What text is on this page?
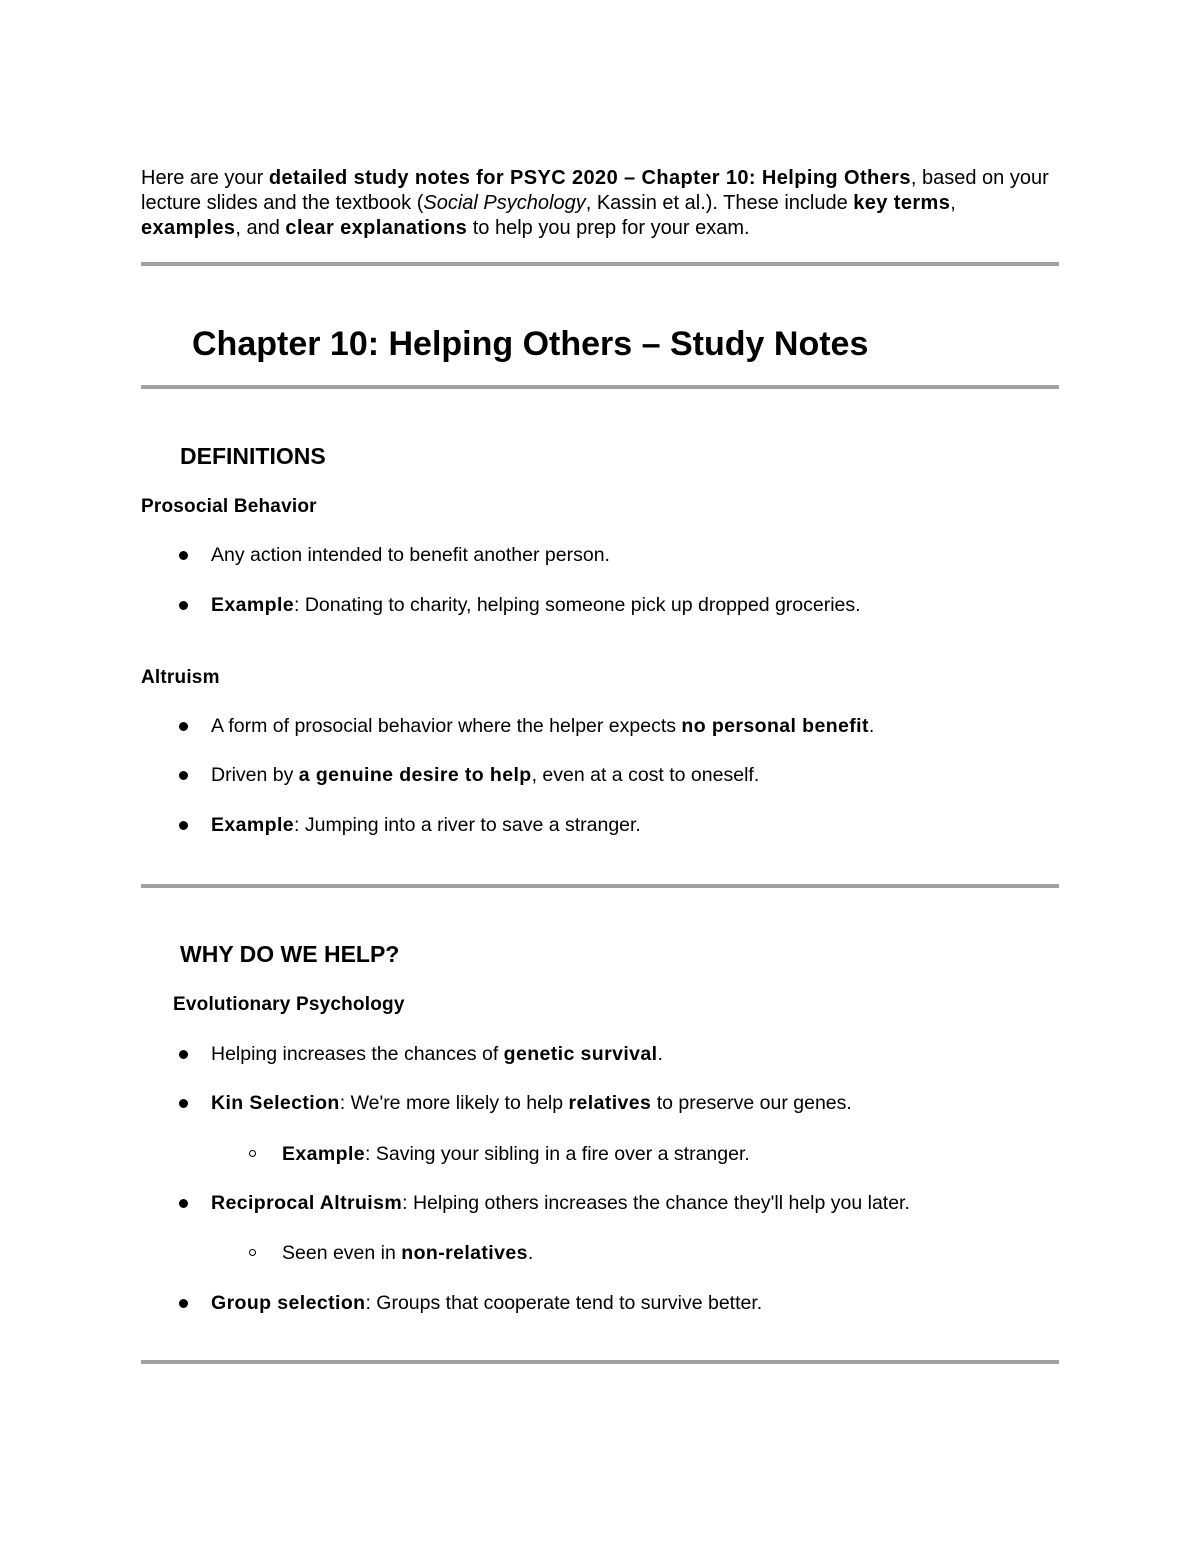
Here are your detailed study notes for PSYC 2020 – Chapter 10: Helping Others, based on your lecture slides and the textbook (Social Psychology, Kassin et al.). These include key terms, examples, and clear explanations to help you prep for your exam.

Chapter 10: Helping Others – Study Notes
DEFINITIONS
Prosocial Behavior
Any action intended to benefit another person.
Example: Donating to charity, helping someone pick up dropped groceries.
Altruism
A form of prosocial behavior where the helper expects no personal benefit.
Driven by a genuine desire to help, even at a cost to oneself.
Example: Jumping into a river to save a stranger.
WHY DO WE HELP?
Evolutionary Psychology
Helping increases the chances of genetic survival.
Kin Selection: We're more likely to help relatives to preserve our genes.
Example: Saving your sibling in a fire over a stranger.
Reciprocal Altruism: Helping others increases the chance they'll help you later.
Seen even in non-relatives.
Group selection: Groups that cooperate tend to survive better.
